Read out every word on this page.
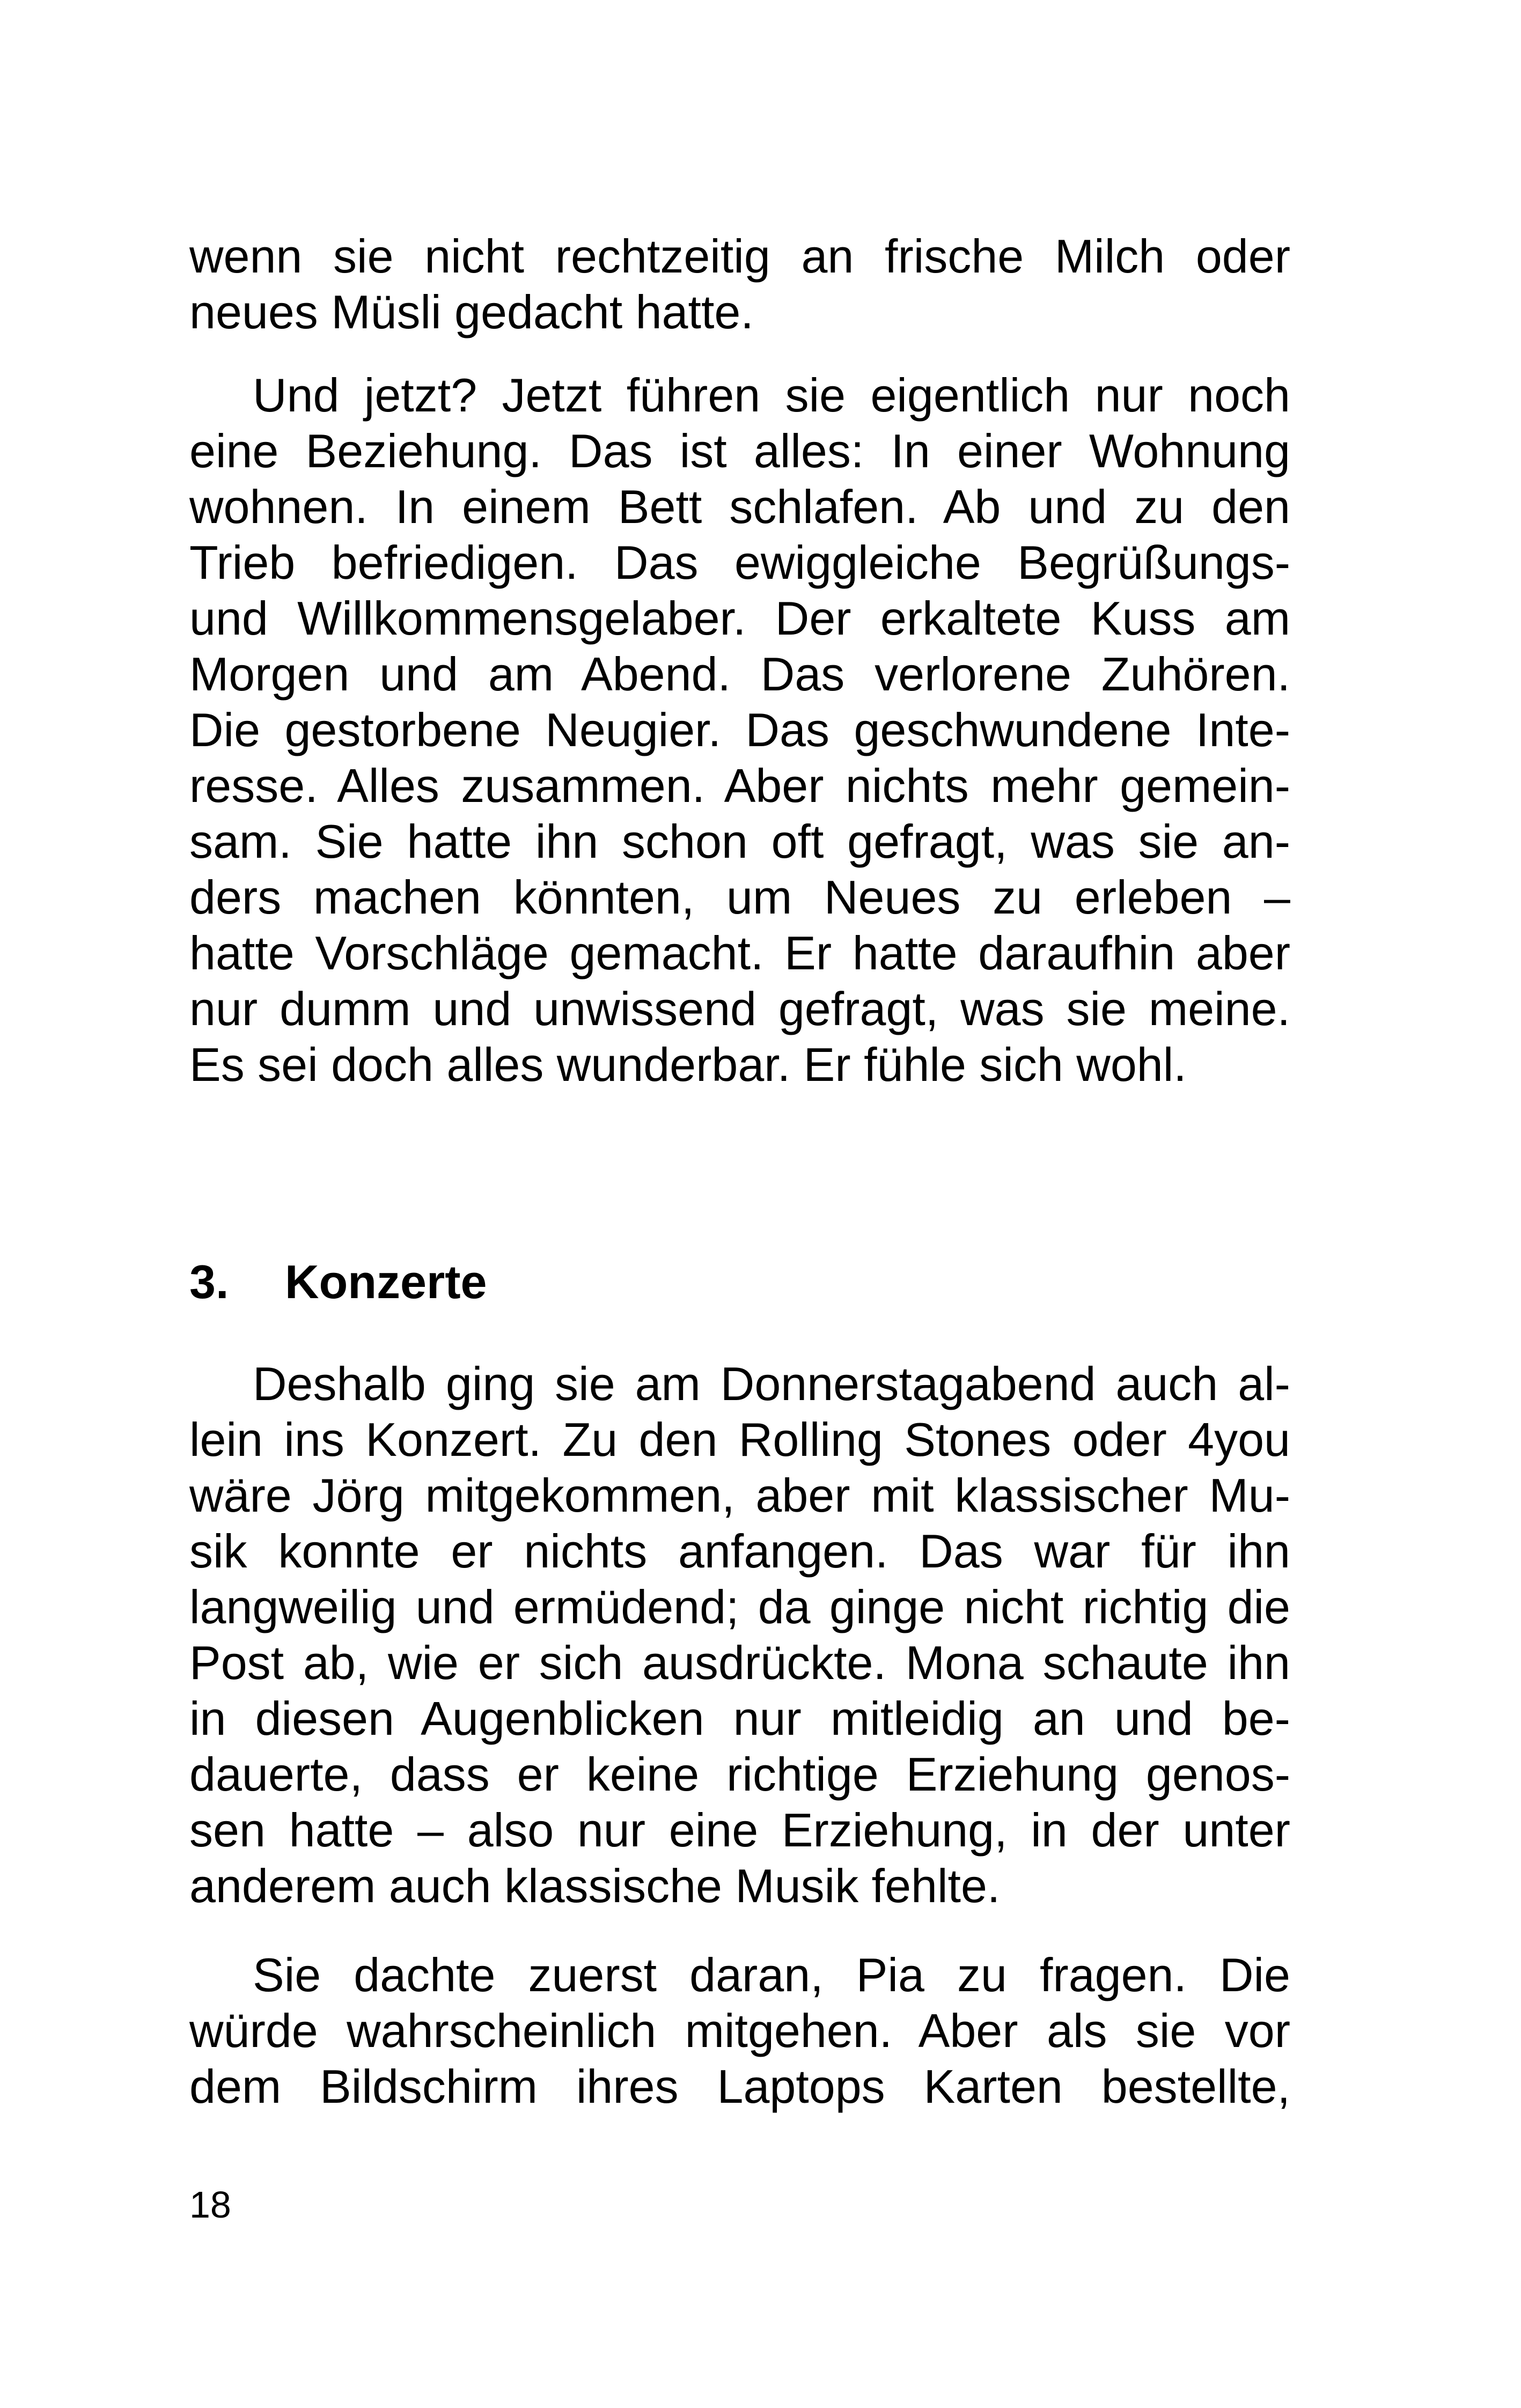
wenn sie nicht rechtzeitig an frische Milch oder
neues Müsli gedacht hatte.
Und jetzt? Jetzt führen sie eigentlich nur noch
eine Beziehung. Das ist alles: In einer Wohnung
wohnen. In einem Bett schlafen. Ab und zu den
Trieb befriedigen. Das ewiggleiche Begrüßungs-
und Willkommensgelaber. Der erkaltete Kuss am
Morgen und am Abend. Das verlorene Zuhören.
Die gestorbene Neugier. Das geschwundene Inte-
resse. Alles zusammen. Aber nichts mehr gemein-
sam. Sie hatte ihn schon oft gefragt, was sie an-
ders machen könnten, um Neues zu erleben –
hatte Vorschläge gemacht. Er hatte daraufhin aber
nur dumm und unwissend gefragt, was sie meine.
Es sei doch alles wunderbar. Er fühle sich wohl.
3. Konzerte
Deshalb ging sie am Donnerstagabend auch al-
lein ins Konzert. Zu den Rolling Stones oder 4you
wäre Jörg mitgekommen, aber mit klassischer Mu-
sik konnte er nichts anfangen. Das war für ihn
langweilig und ermüdend; da ginge nicht richtig die
Post ab, wie er sich ausdrückte. Mona schaute ihn
in diesen Augenblicken nur mitleidig an und be-
dauerte, dass er keine richtige Erziehung genos-
sen hatte – also nur eine Erziehung, in der unter
anderem auch klassische Musik fehlte.
Sie dachte zuerst daran, Pia zu fragen. Die
würde wahrscheinlich mitgehen. Aber als sie vor
dem Bildschirm ihres Laptops Karten bestellte,
18
